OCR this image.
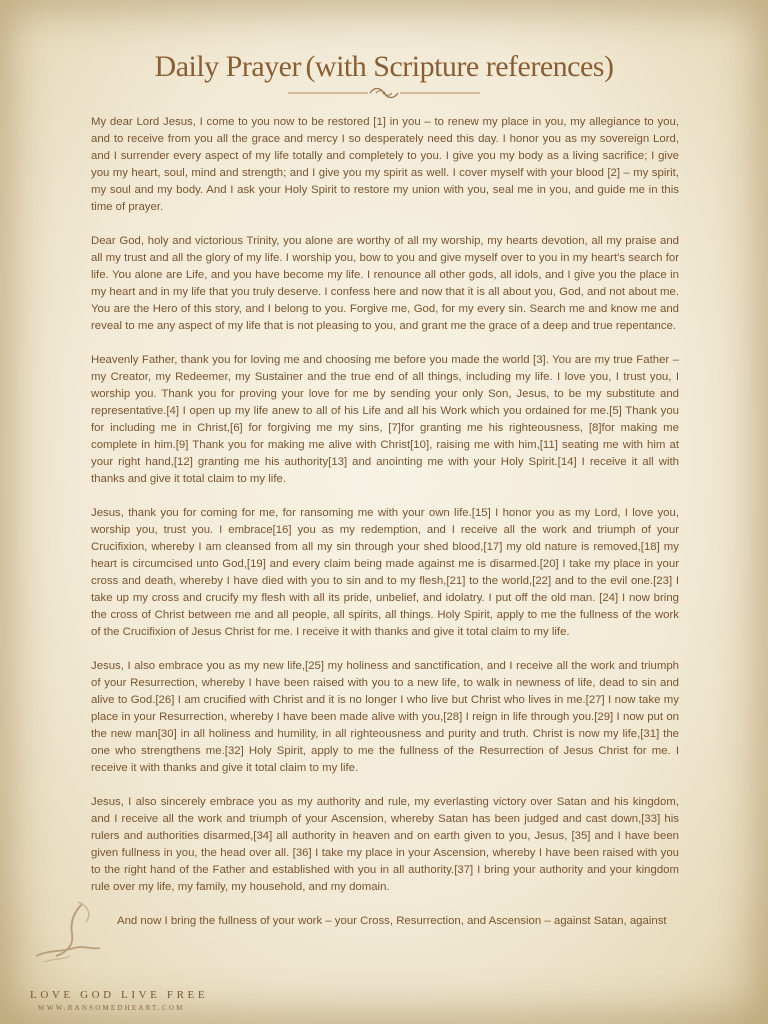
Daily Prayer (with Scripture references)

My dear Lord Jesus, I come to you now to be restored [1] in you – to renew my place in you, my allegiance to you, and to receive from you all the grace and mercy I so desperately need this day. I honor you as my sovereign Lord, and I surrender every aspect of my life totally and completely to you. I give you my body as a living sacrifice; I give you my heart, soul, mind and strength; and I give you my spirit as well. I cover myself with your blood [2] – my spirit, my soul and my body. And I ask your Holy Spirit to restore my union with you, seal me in you, and guide me in this time of prayer.

Dear God, holy and victorious Trinity, you alone are worthy of all my worship, my hearts devotion, all my praise and all my trust and all the glory of my life. I worship you, bow to you and give myself over to you in my heart's search for life. You alone are Life, and you have become my life. I renounce all other gods, all idols, and I give you the place in my heart and in my life that you truly deserve. I confess here and now that it is all about you, God, and not about me. You are the Hero of this story, and I belong to you. Forgive me, God, for my every sin. Search me and know me and reveal to me any aspect of my life that is not pleasing to you, and grant me the grace of a deep and true repentance.

Heavenly Father, thank you for loving me and choosing me before you made the world [3]. You are my true Father – my Creator, my Redeemer, my Sustainer and the true end of all things, including my life. I love you, I trust you, I worship you. Thank you for proving your love for me by sending your only Son, Jesus, to be my substitute and representative.[4] I open up my life anew to all of his Life and all his Work which you ordained for me.[5] Thank you for including me in Christ,[6] for forgiving me my sins, [7]for granting me his righteousness, [8]for making me complete in him.[9] Thank you for making me alive with Christ[10], raising me with him,[11] seating me with him at your right hand,[12] granting me his authority[13] and anointing me with your Holy Spirit.[14] I receive it all with thanks and give it total claim to my life.

Jesus, thank you for coming for me, for ransoming me with your own life.[15] I honor you as my Lord, I love you, worship you, trust you. I embrace[16] you as my redemption, and I receive all the work and triumph of your Crucifixion, whereby I am cleansed from all my sin through your shed blood,[17] my old nature is removed,[18] my heart is circumcised unto God,[19] and every claim being made against me is disarmed.[20] I take my place in your cross and death, whereby I have died with you to sin and to my flesh,[21] to the world,[22] and to the evil one.[23] I take up my cross and crucify my flesh with all its pride, unbelief, and idolatry. I put off the old man. [24] I now bring the cross of Christ between me and all people, all spirits, all things. Holy Spirit, apply to me the fullness of the work of the Crucifixion of Jesus Christ for me. I receive it with thanks and give it total claim to my life.

Jesus, I also embrace you as my new life,[25] my holiness and sanctification, and I receive all the work and triumph of your Resurrection, whereby I have been raised with you to a new life, to walk in newness of life, dead to sin and alive to God.[26] I am crucified with Christ and it is no longer I who live but Christ who lives in me.[27] I now take my place in your Resurrection, whereby I have been made alive with you,[28] I reign in life through you.[29] I now put on the new man[30] in all holiness and humility, in all righteousness and purity and truth. Christ is now my life,[31] the one who strengthens me.[32] Holy Spirit, apply to me the fullness of the Resurrection of Jesus Christ for me. I receive it with thanks and give it total claim to my life.

Jesus, I also sincerely embrace you as my authority and rule, my everlasting victory over Satan and his kingdom, and I receive all the work and triumph of your Ascension, whereby Satan has been judged and cast down,[33] his rulers and authorities disarmed,[34] all authority in heaven and on earth given to you, Jesus, [35] and I have been given fullness in you, the head over all. [36] I take my place in your Ascension, whereby I have been raised with you to the right hand of the Father and established with you in all authority.[37] I bring your authority and your kingdom rule over my life, my family, my household, and my domain.

And now I bring the fullness of your work – your Cross, Resurrection, and Ascension – against Satan, against

LOVE GOD LIVE FREE
WWW.RANSOMEDHEART.COM
